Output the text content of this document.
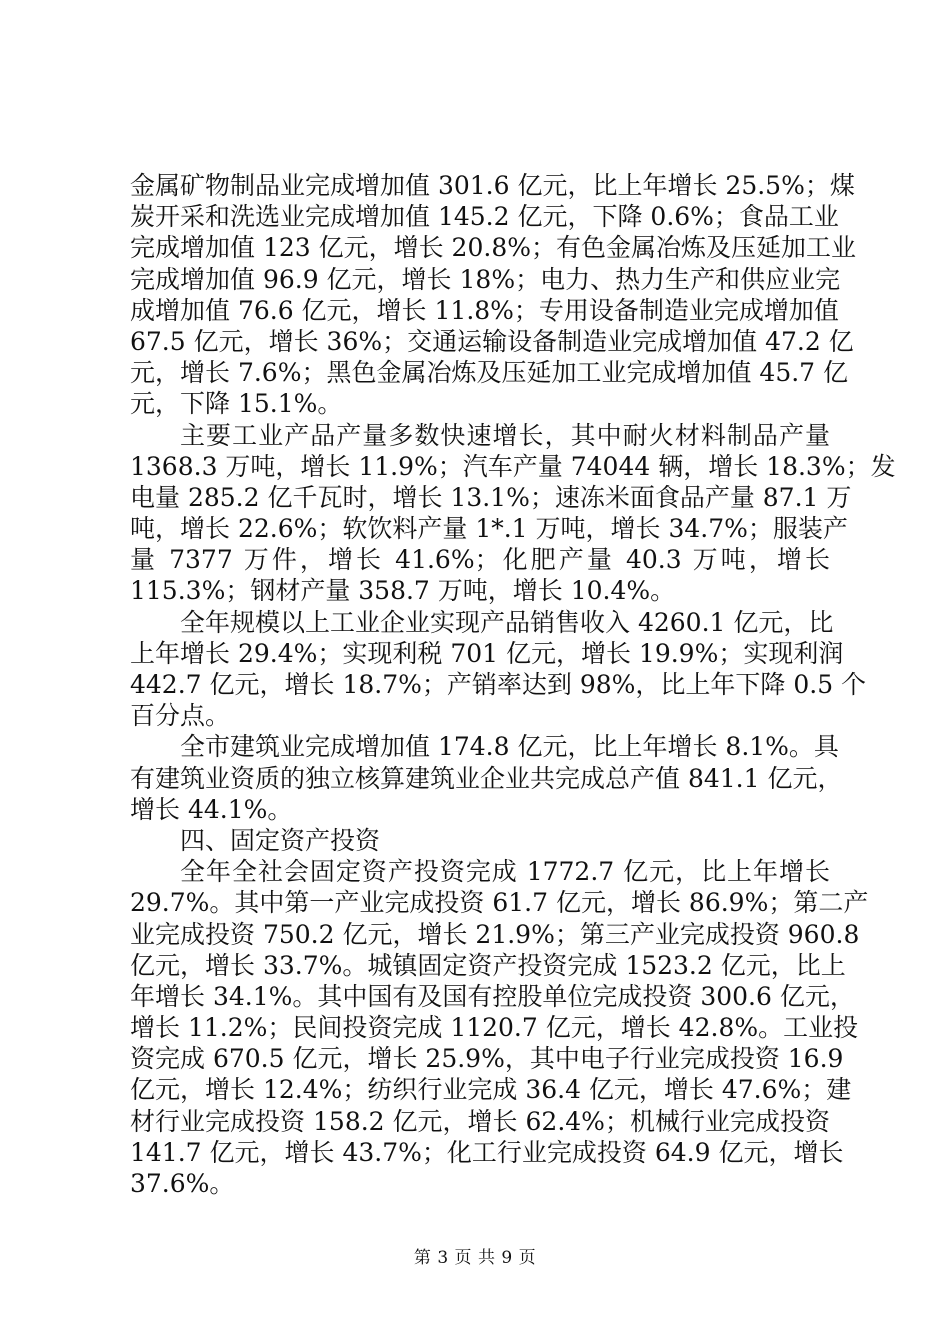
金属矿物制品业完成增加值 301.6 亿元，比上年增长 25.5%；煤
炭开采和洗选业完成增加值 145.2 亿元，下降 0.6%；食品工业
完成增加值 123 亿元，增长 20.8%；有色金属冶炼及压延加工业
完成增加值 96.9 亿元，增长 18%；电力、热力生产和供应业完
成增加值 76.6 亿元，增长 11.8%；专用设备制造业完成增加值
67.5 亿元，增长 36%；交通运输设备制造业完成增加值 47.2 亿
元，增长 7.6%；黑色金属冶炼及压延加工业完成增加值 45.7 亿
元，下降 15.1%。
主要工业产品产量多数快速增长，其中耐火材料制品产量
1368.3 万吨，增长 11.9%；汽车产量 74044 辆，增长 18.3%；发
电量 285.2 亿千瓦时，增长 13.1%；速冻米面食品产量 87.1 万
吨，增长 22.6%；软饮料产量 1*.1 万吨，增长 34.7%；服装产
量 7377 万件，增长 41.6%；化肥产量 40.3 万吨，增长
115.3%；钢材产量 358.7 万吨，增长 10.4%。
全年规模以上工业企业实现产品销售收入 4260.1 亿元，比
上年增长 29.4%；实现利税 701 亿元，增长 19.9%；实现利润
442.7 亿元，增长 18.7%；产销率达到 98%，比上年下降 0.5 个
百分点。
全市建筑业完成增加值 174.8 亿元，比上年增长 8.1%。具
有建筑业资质的独立核算建筑业企业共完成总产值 841.1 亿元，
增长 44.1%。
四、固定资产投资
全年全社会固定资产投资完成 1772.7 亿元，比上年增长
29.7%。其中第一产业完成投资 61.7 亿元，增长 86.9%；第二产
业完成投资 750.2 亿元，增长 21.9%；第三产业完成投资 960.8
亿元，增长 33.7%。城镇固定资产投资完成 1523.2 亿元，比上
年增长 34.1%。其中国有及国有控股单位完成投资 300.6 亿元，
增长 11.2%；民间投资完成 1120.7 亿元，增长 42.8%。工业投
资完成 670.5 亿元，增长 25.9%，其中电子行业完成投资 16.9
亿元，增长 12.4%；纺织行业完成 36.4 亿元，增长 47.6%；建
材行业完成投资 158.2 亿元，增长 62.4%；机械行业完成投资
141.7 亿元，增长 43.7%；化工行业完成投资 64.9 亿元，增长
37.6%。
第 3 页 共 9 页
